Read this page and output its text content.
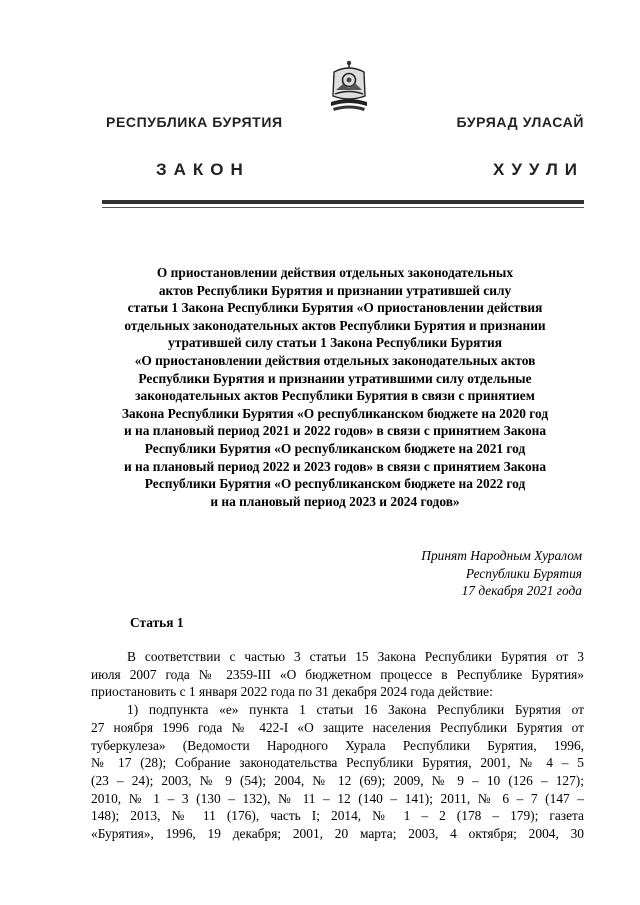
РЕСПУБЛИКА БУРЯТИЯ	БУРЯАД УЛАСАЙ
ЗАКОН	ХУУЛИ
О приостановлении действия отдельных законодательных
актов Республики Бурятия и признании утратившей силу
статьи 1 Закона Республики Бурятия «О приостановлении действия
отдельных законодательных актов Республики Бурятия и признании
утратившей силу статьи 1 Закона Республики Бурятия
«О приостановлении действия отдельных законодательных актов
Республики Бурятия и признании утратившими силу отдельные
законодательных актов Республики Бурятия в связи с принятием
Закона Республики Бурятия «О республиканском бюджете на 2020 год
и на плановый период 2021 и 2022 годов» в связи с принятием Закона
Республики Бурятия «О республиканском бюджете на 2021 год
и на плановый период 2022 и 2023 годов» в связи с принятием Закона
Республики Бурятия «О республиканском бюджете на 2022 год
и на плановый период 2023 и 2024 годов»
Принят Народным Хуралом
Республики Бурятия
17 декабря 2021 года
Статья 1
В соответствии с частью 3 статьи 15 Закона Республики Бурятия от 3
июля 2007 года № 2359-III «О бюджетном процессе в Республике Бурятия»
приостановить с 1 января 2022 года по 31 декабря 2024 года действие:
1) подпункта «е» пункта 1 статьи 16 Закона Республики Бурятия от
27 ноября 1996 года № 422-I «О защите населения Республики Бурятия от
туберкулеза» (Ведомости Народного Хурала Республики Бурятия, 1996,
№ 17 (28); Собрание законодательства Республики Бурятия, 2001, № 4 – 5
(23 – 24); 2003, № 9 (54); 2004, № 12 (69); 2009, № 9 – 10 (126 – 127);
2010, № 1 – 3 (130 – 132), № 11 – 12 (140 – 141); 2011, № 6 – 7 (147 –
148); 2013, № 11 (176), часть I; 2014, № 1 – 2 (178 – 179); газета
«Бурятия», 1996, 19 декабря; 2001, 20 марта; 2003, 4 октября; 2004, 30
